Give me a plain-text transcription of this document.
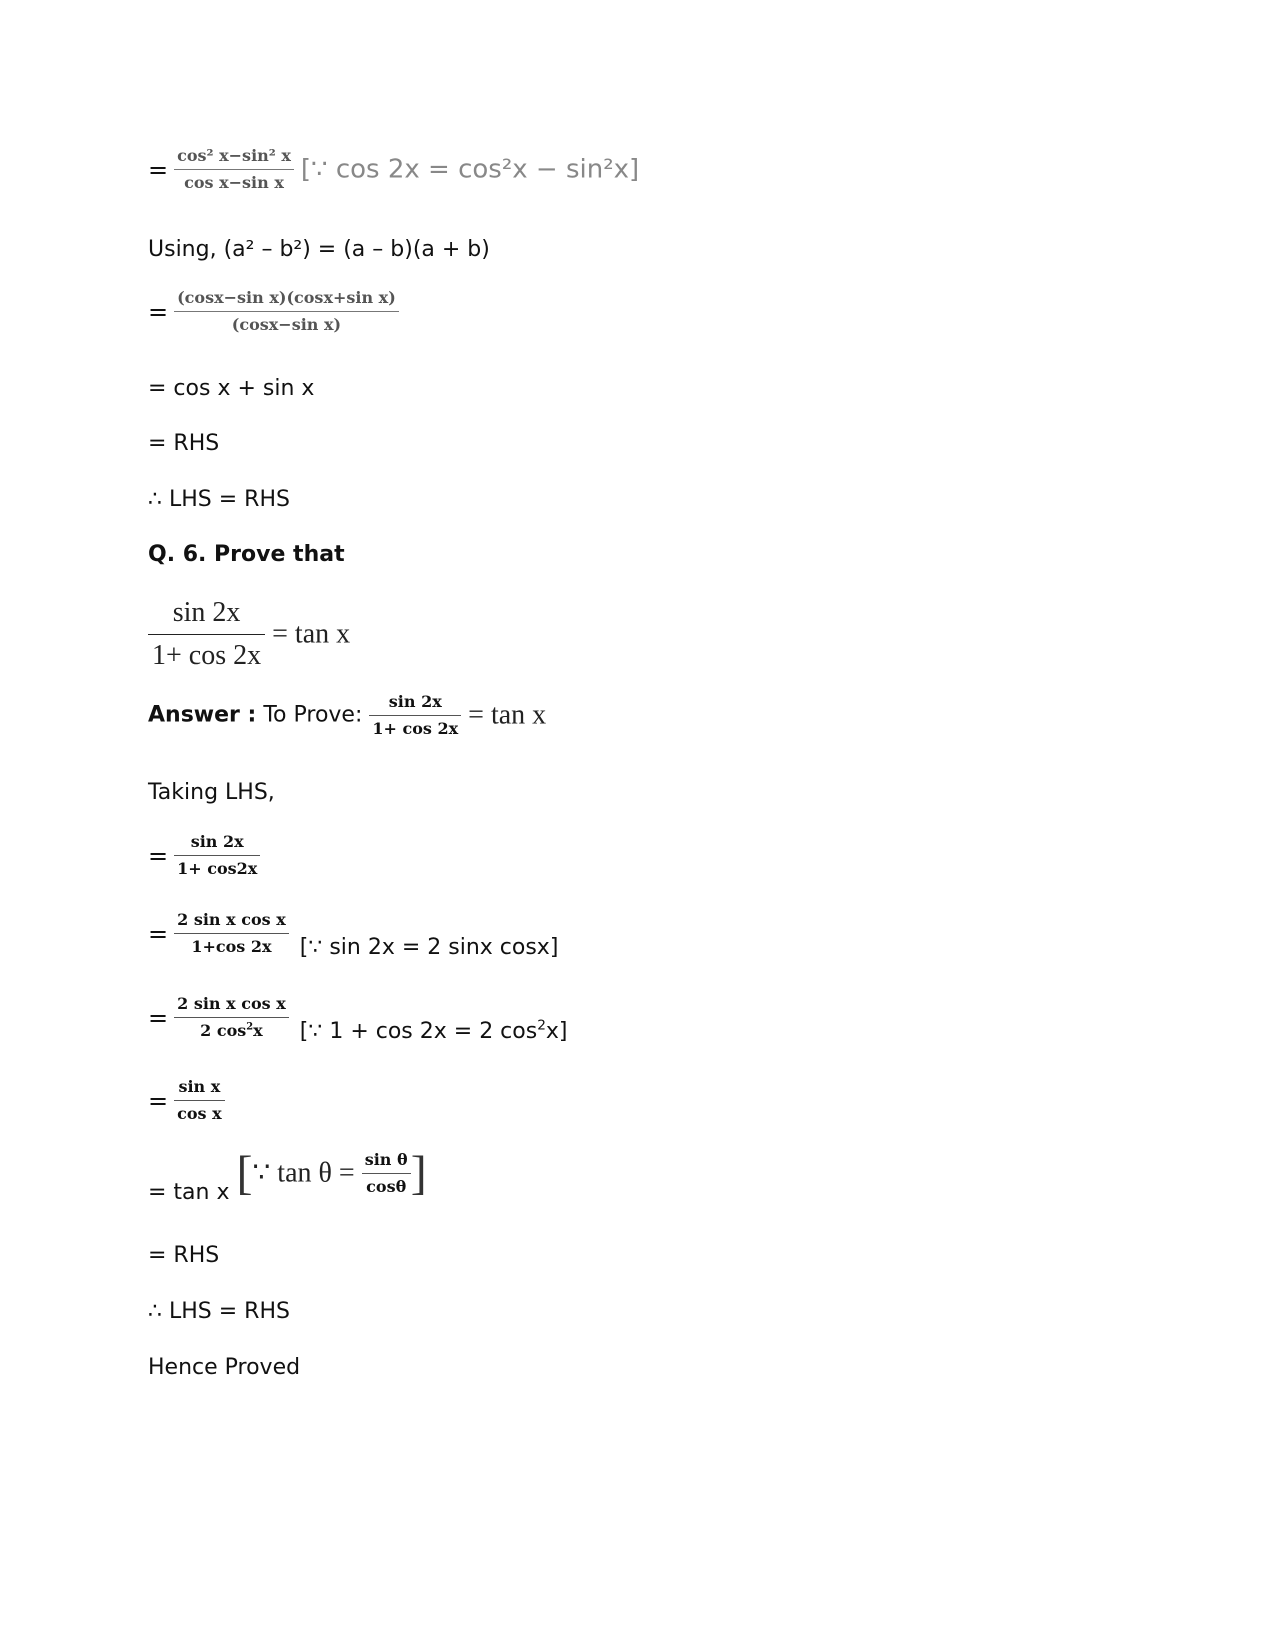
= $\frac{\text{cos² x−sin² x}}{\text{cos x−sin x}}$ [∵ cos 2x = cos²x − sin²x]
Using, (a² – b²) = (a – b)(a + b)
= $\frac{\text{(cosx−sin x)(cosx+sin x)}}{\text{(cosx−sin x)}}$
= cos x + sin x
= RHS
∴ LHS = RHS
Q. 6. Prove that
$\frac{\sin 2x}{1+ \cos 2x} = \tan x$
Answer : To Prove: $\frac{\sin 2x}{1+ \cos 2x} = \tan x$
Taking LHS,
= $\frac{\sin 2x}{1+ \cos 2x}$
= $\frac{\text{2 sin x cos x}}{1+\cos 2x}$ [∵ sin 2x = 2 sinx cosx]
= $\frac{\text{2 sin x cos x}}{2 \cos^2x}$ [∵ 1 + cos 2x = 2 $\cos^2x$]
= $\frac{\text{sin x}}{\text{cos x}}$
= tan x [∵ $\tan \theta = \frac{\text{sin θ}}{\cos\theta}$ ]
= RHS
∴ LHS = RHS
Hence Proved
